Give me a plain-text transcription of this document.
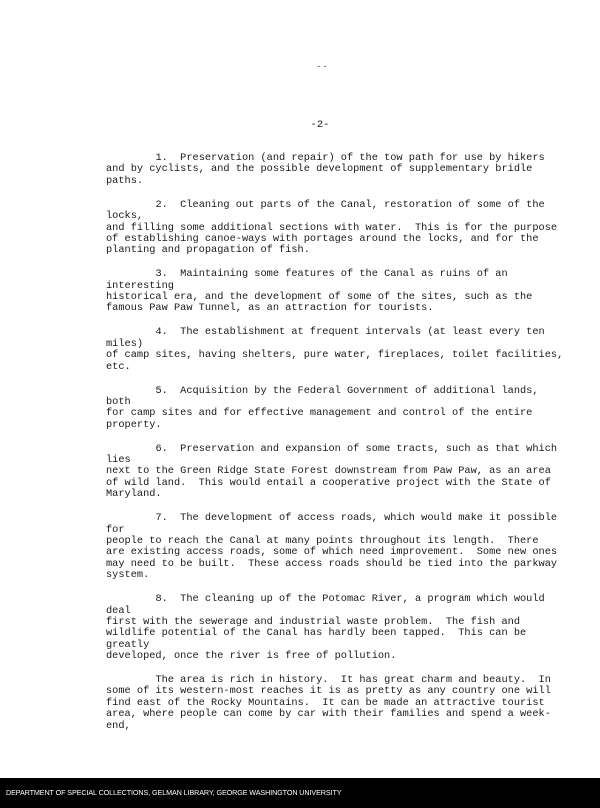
--
-2-

1.  Preservation (and repair) of the tow path for use by hikers
and by cyclists, and the possible development of supplementary bridle
paths.

2.  Cleaning out parts of the Canal, restoration of some of the locks,
and filling some additional sections with water.  This is for the purpose
of establishing canoe-ways with portages around the locks, and for the
planting and propagation of fish.

3.  Maintaining some features of the Canal as ruins of an interesting
historical era, and the development of some of the sites, such as the
famous Paw Paw Tunnel, as an attraction for tourists.

4.  The establishment at frequent intervals (at least every ten miles)
of camp sites, having shelters, pure water, fireplaces, toilet facilities,
etc.

5.  Acquisition by the Federal Government of additional lands, both
for camp sites and for effective management and control of the entire
property.

6.  Preservation and expansion of some tracts, such as that which lies
next to the Green Ridge State Forest downstream from Paw Paw, as an area
of wild land.  This would entail a cooperative project with the State of
Maryland.

7.  The development of access roads, which would make it possible for
people to reach the Canal at many points throughout its length.  There
are existing access roads, some of which need improvement.  Some new ones
may need to be built.  These access roads should be tied into the parkway
system.

8.  The cleaning up of the Potomac River, a program which would deal
first with the sewerage and industrial waste problem.  The fish and
wildlife potential of the Canal has hardly been tapped.  This can be greatly
developed, once the river is free of pollution.

The area is rich in history.  It has great charm and beauty.  In
some of its western-most reaches it is as pretty as any country one will
find east of the Rocky Mountains.  It can be made an attractive tourist
area, where people can come by car with their families and spend a week-end,

DEPARTMENT OF SPECIAL COLLECTIONS, GELMAN LIBRARY, GEORGE WASHINGTON UNIVERSITY
